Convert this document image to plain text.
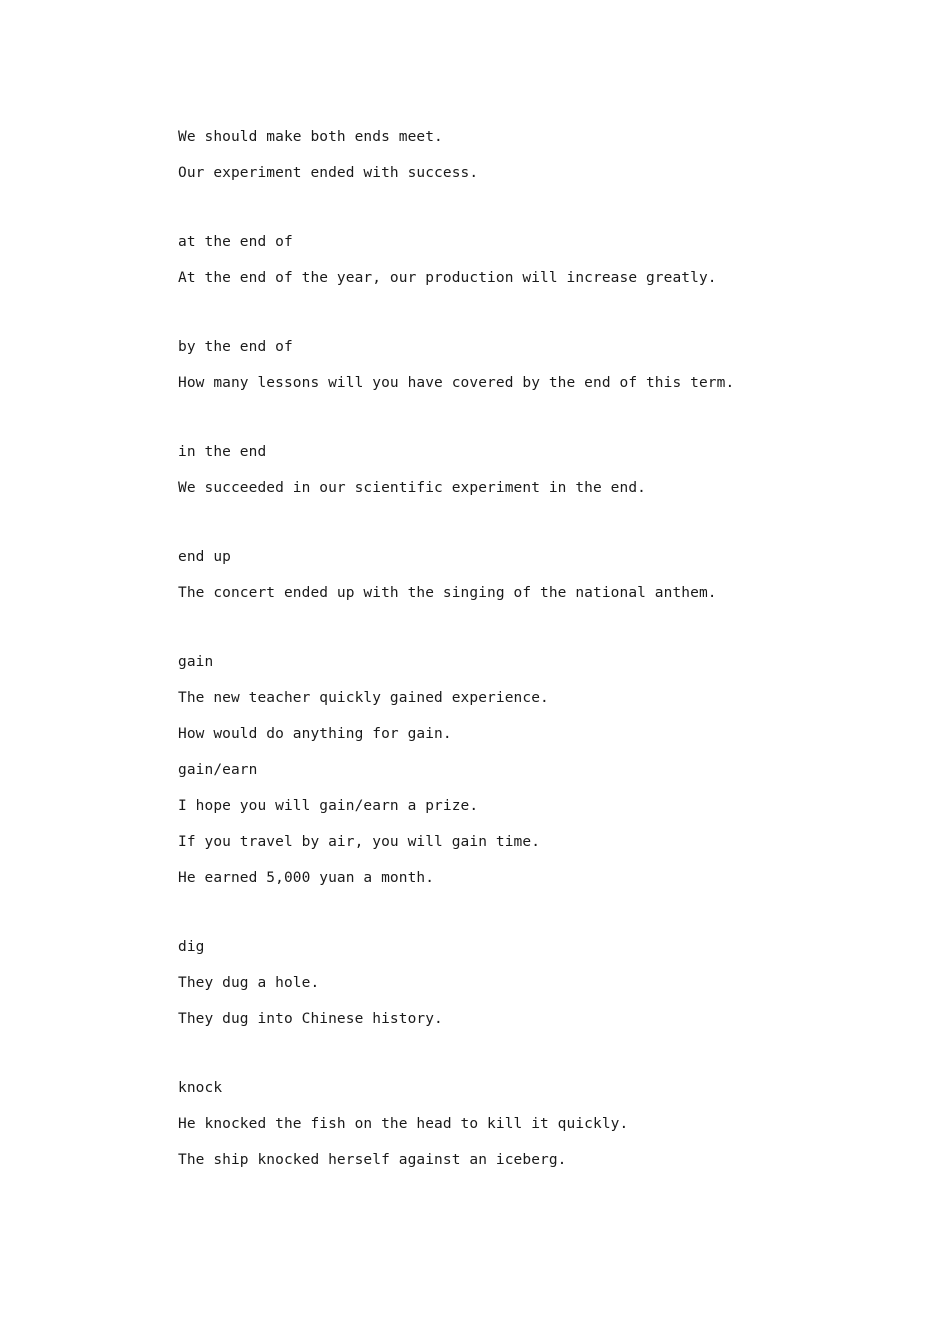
We should make both ends meet.
Our experiment ended with success.
at the end of
At the end of the year, our production will increase greatly.
by the end of
How many lessons will you have covered by the end of this term.
in the end
We succeeded in our scientific experiment in the end.
end up
The concert ended up with the singing of the national anthem.
gain
The new teacher quickly gained experience.
How would do anything for gain.
gain/earn
I hope you will gain/earn a prize.
If you travel by air, you will gain time.
He earned 5,000 yuan a month.
dig
They dug a hole.
They dug into Chinese history.
knock
He knocked the fish on the head to kill it quickly.
The ship knocked herself against an iceberg.
